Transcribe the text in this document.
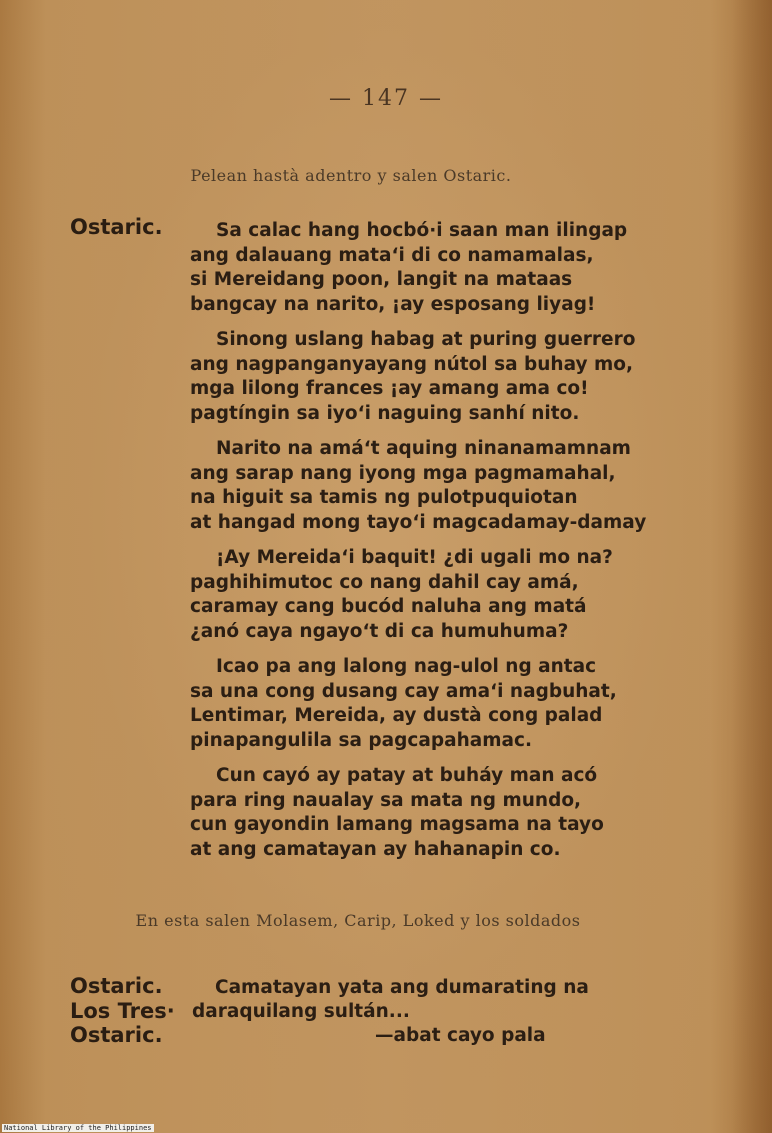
— 147 —
Pelean hastà adentro y salen Ostaric.
Ostaric.	Sa calac hang hocbó·i saan man ilingap

ang dalauang mata‘i di co namamalas,

si Mereidang poon, langit na mataas

bangcay na narito, ¡ay esposang liyag!

Sinong uslang habag at puring guerrero

ang nagpanganyayang nútol sa buhay mo,

mga lilong frances ¡ay amang ama co!

pagtíngin sa iyo‘i naguing sanhí nito.

Narito na amá‘t aquing ninanamamnam

ang sarap nang iyong mga pagmamahal,

na higuit sa tamis ng pulotpuquiotan

at hangad mong tayo‘i magcadamay-damay

¡Ay Mereida‘i baquit! ¿di ugali mo na?

paghihimutoc co nang dahil cay amá,

caramay cang bucód naluha ang matá

¿anó caya ngayo‘t di ca humuhuma?

Icao pa ang lalong nag-ulol ng antac

sa una cong dusang cay ama‘i nagbuhat,

Lentimar, Mereida, ay dustà cong palad

pinapangulila sa pagcapahamac.

Cun cayó ay patay at buháy man acó

para ring naualay sa mata ng mundo,

cun gayondin lamang magsama na tayo

at ang camatayan ay hahanapin co.

En esta salen Molasem, Carip, Loked y los soldados
Ostaric.	Camatayan yata ang dumarating na

Los Tres· daraquilang sultán...

Ostaric.	—abat cayo pala

National Library of the Philippines
